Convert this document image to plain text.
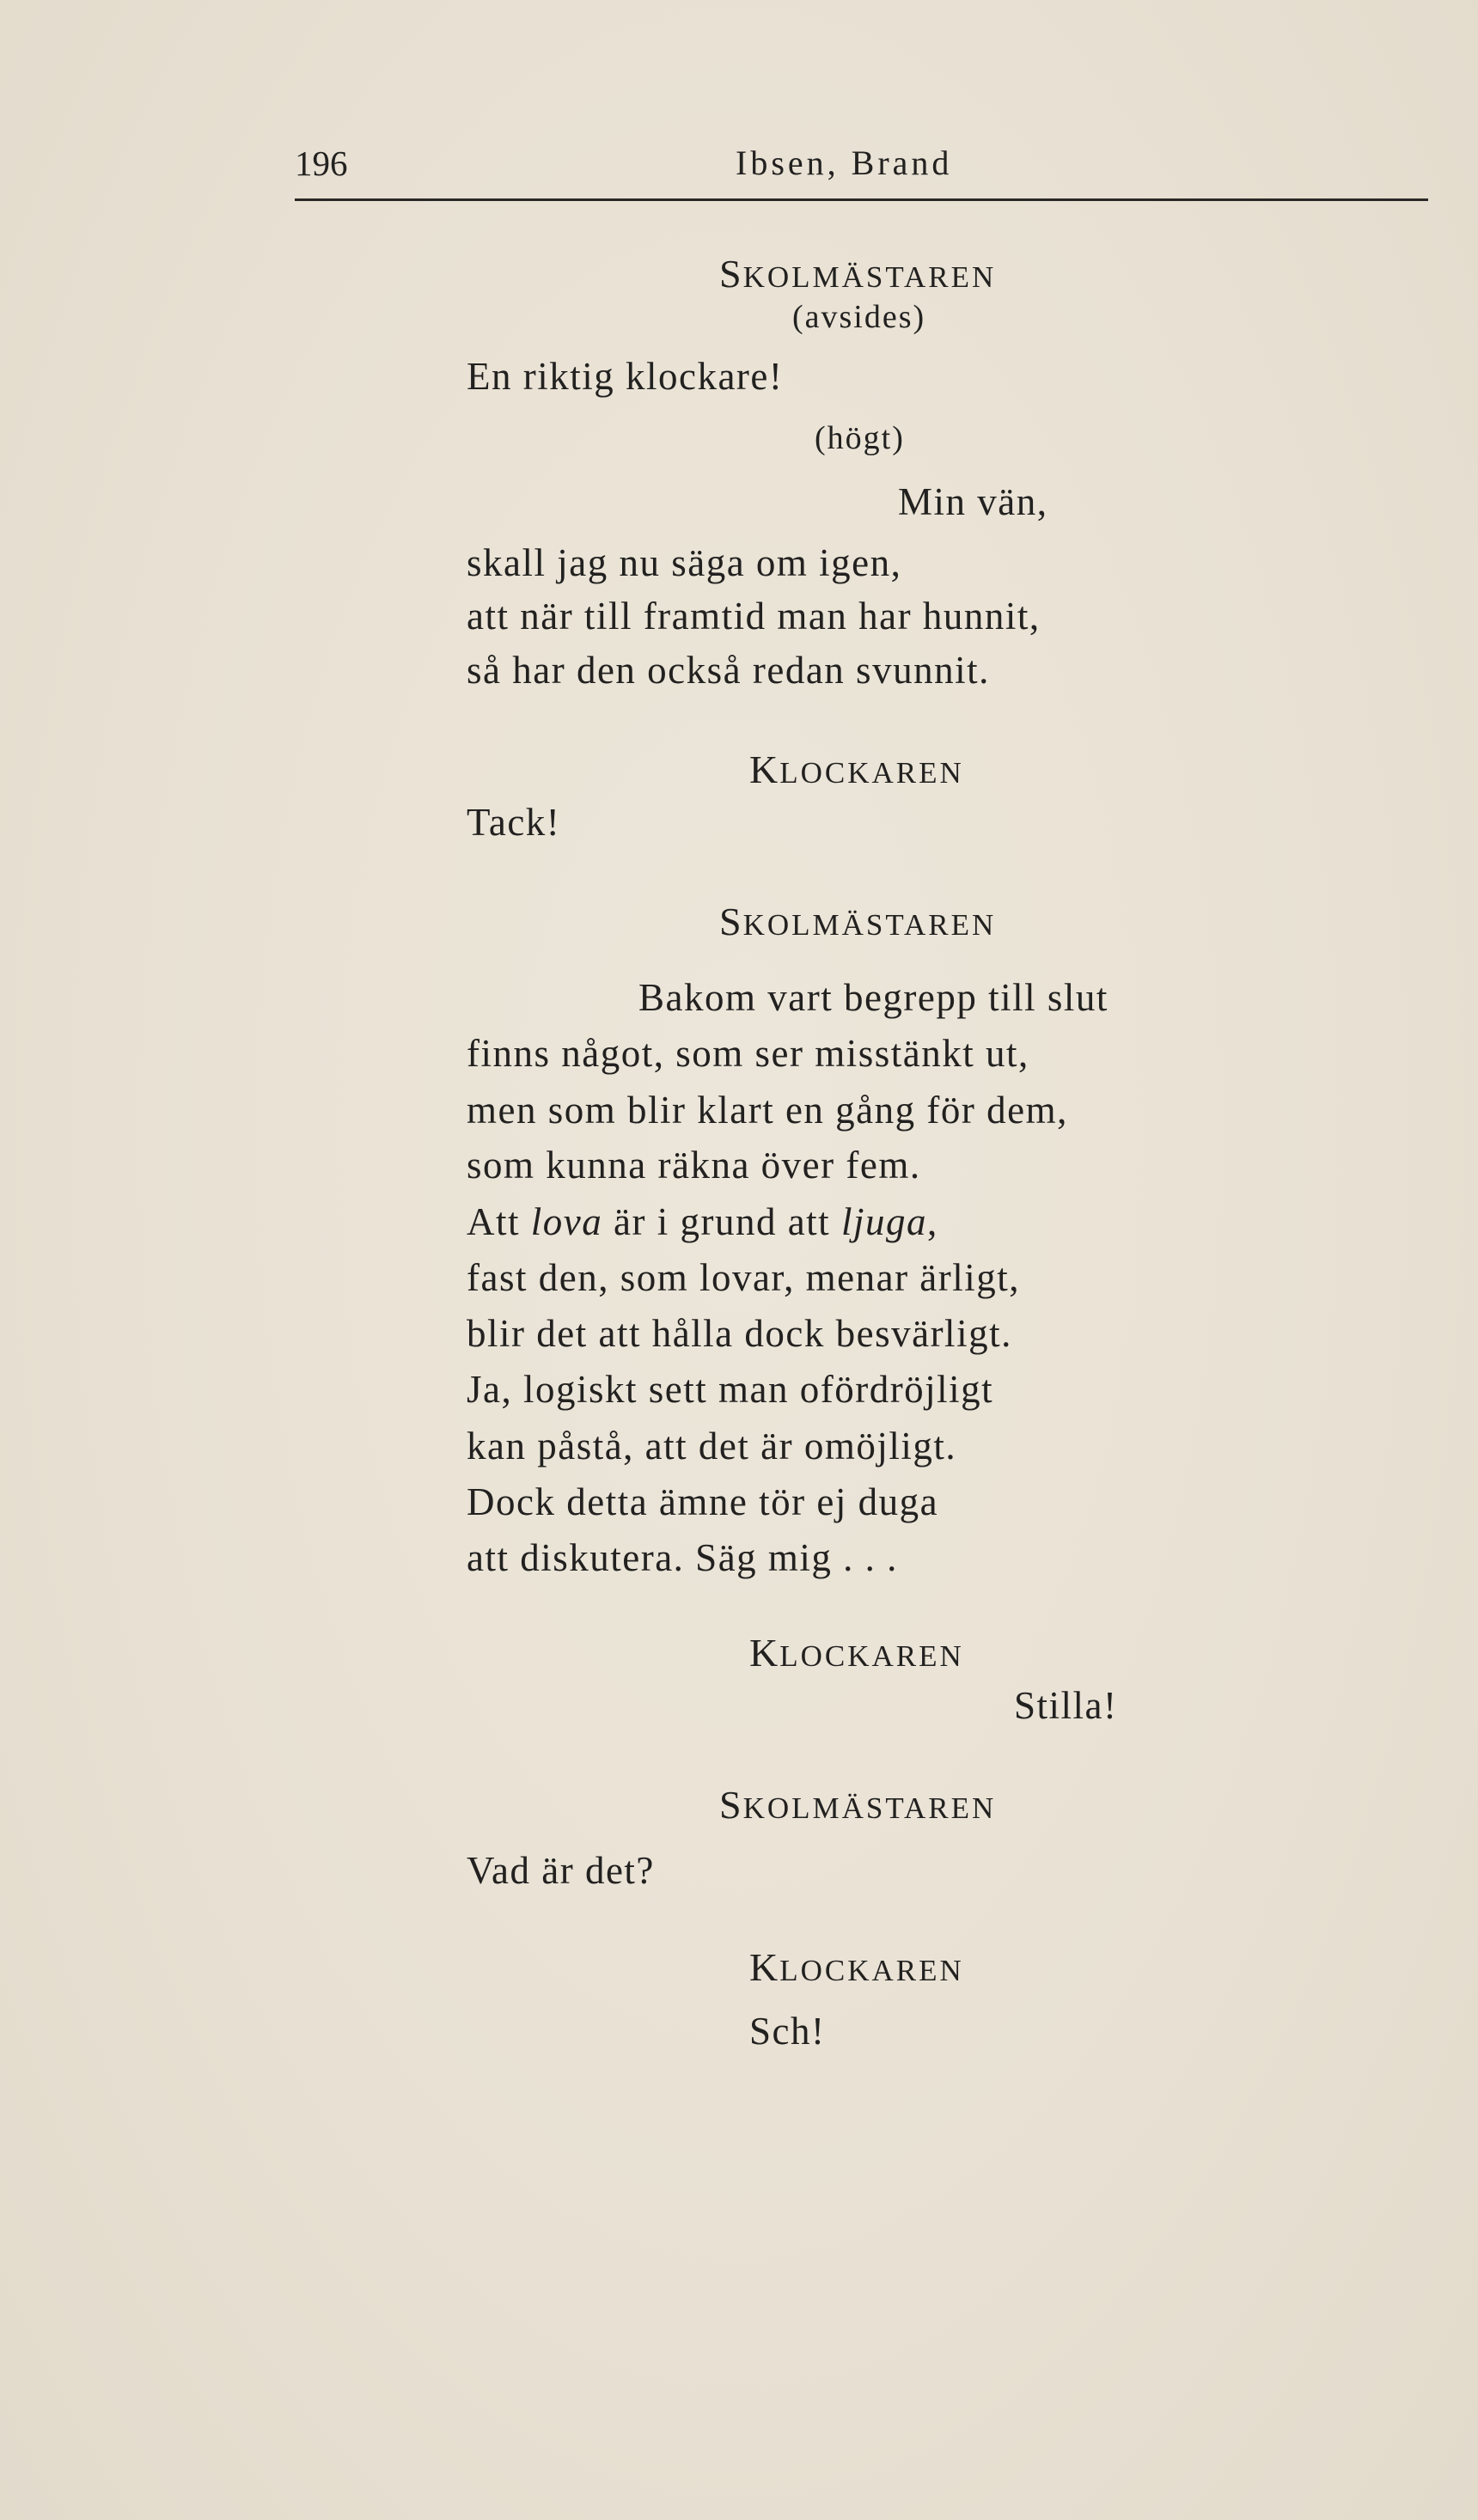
196	Ibsen, Brand
SKOLMÄSTAREN
(avsides)
En riktig klockare!
(högt)
Min vän,
skall jag nu säga om igen,
att när till framtid man har hunnit,
så har den också redan svunnit.
KLOCKAREN
Tack!
SKOLMÄSTAREN
Bakom vart begrepp till slut
finns något, som ser misstänkt ut,
men som blir klart en gång för dem,
som kunna räkna över fem.
Att lova är i grund att ljuga,
fast den, som lovar, menar ärligt,
blir det att hålla dock besvärligt.
Ja, logiskt sett man ofördröjligt
kan påstå, att det är omöjligt.
Dock detta ämne tör ej duga
att diskutera. Säg mig . . .
KLOCKAREN
Stilla!
SKOLMÄSTAREN
Vad är det?
KLOCKAREN
Sch!
